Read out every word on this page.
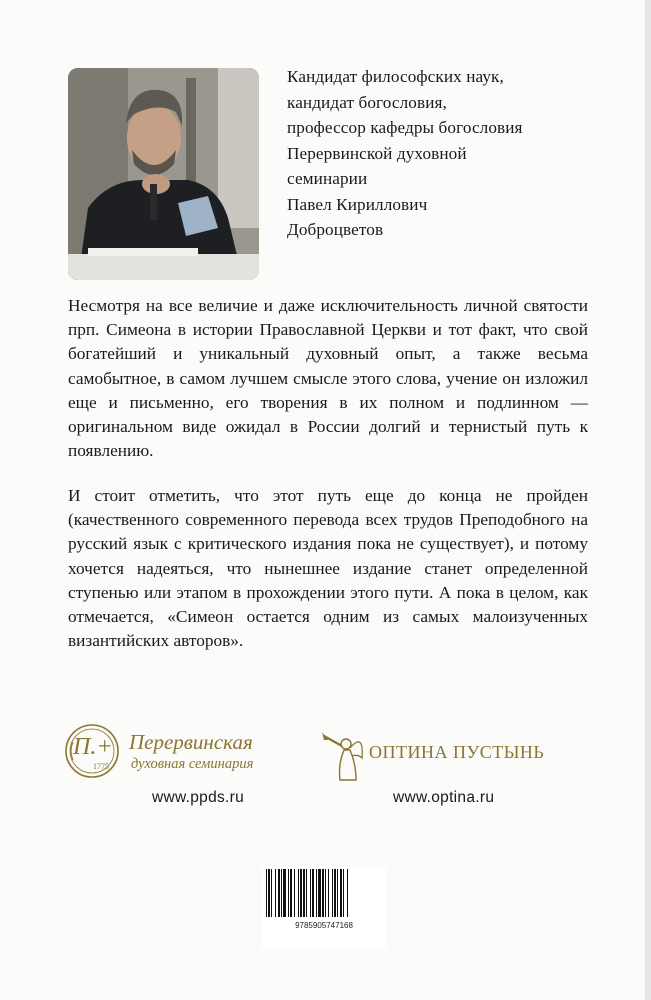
Кандидат философских наук,
кандидат богословия,
профессор кафедры богословия
Перервинской духовной
семинарии
Павел Кириллович
Доброцветов
Несмотря на все величие и даже исключительность личной святости прп. Симеона в истории Православной Церкви и тот факт, что свой богатейший и уникальный духовный опыт, а также весьма самобытное, в самом лучшем смысле этого слова, учение он изложил еще и письменно, его творения в их полном и подлинном — оригинальном виде ожидал в России долгий и тернистый путь к появлению.
И стоит отметить, что этот путь еще до конца не пройден (качественного современного перевода всех трудов Преподобного на русский язык с критического издания пока не существует), и потому хочется надеяться, что нынешнее издание станет определенной ступенью или этапом в прохождении этого пути. А пока в целом, как отмечается, «Симеон остается одним из самых малоизученных византийских авторов».
П.+
1775
Перервинская
духовная семинария
www.ppds.ru
ОПТИНА ПУСТЫНЬ
www.optina.ru
9785905747168
